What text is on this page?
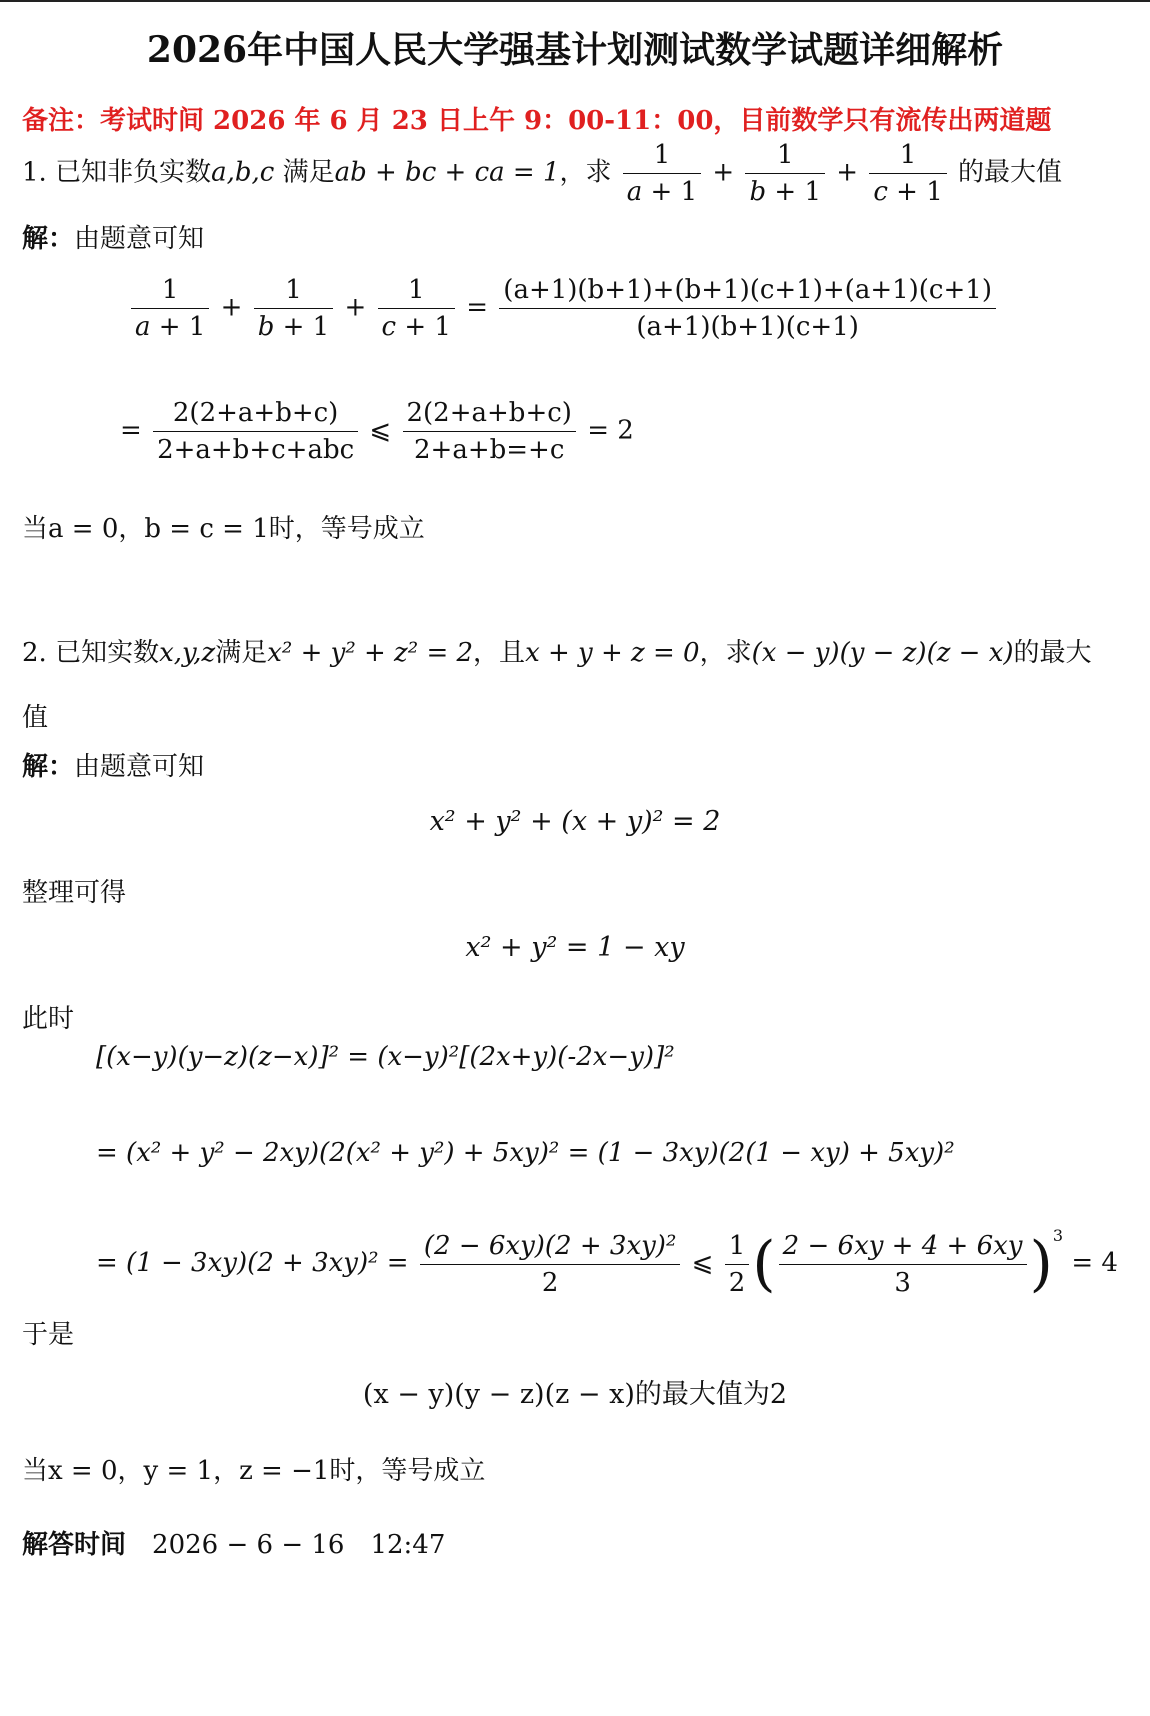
2026年中国人民大学强基计划测试数学试题详细解析
备注：考试时间 2026 年 6 月 23 日上午 9：00-11：00，目前数学只有流传出两道题
1. 已知非负实数a,b,c 满足ab + bc + ca = 1，求 $\frac{1}{a + 1} + \frac{1}{b + 1} + \frac{1}{c + 1}$ 的最大值
解：由题意可知
$\frac{1}{a + 1} + \frac{1}{b + 1} + \frac{1}{c + 1} = \frac{(a+1)(b+1)+(b+1)(c+1)+(a+1)(c+1)}{(a+1)(b+1)(c+1)}$
= $\frac{2(2+a+b+c)}{\text{2+a+b+c+abc}}$ ⩽ $\frac{2(2+a+b+c)}{2+a+b=+c} = 2$
当a = 0，b = c = 1时，等号成立
2. 已知实数x,y,z满足x² + y² + z² = 2，且x + y + z = 0，求(x − y)(y − z)(z − x)的最大
值
解：由题意可知
x² + y² + (x + y)² = 2
整理可得
x² + y² = 1 − xy
此时
[(x−y)(y−z)(z−x)]² = (x−y)²[(2x+y)(-2x−y)]²
= (x² + y² − 2xy)(2(x² + y²) + 5xy)² = (1 − 3xy)(2(1 − xy) + 5xy)²
= $(1 - 3xy)(2 + 3xy)^2 = \frac{\text{(2 − 6xy)(2 + 3xy)²}}{2}$ ⩽ $\frac{1}{2}$ ( $\frac{2 - 6xy + 4 + 6xy}{3} )^3 = 4$
于是
(x − y)(y − z)(z − x)的最大值为2
当x = 0，y = 1，z = −1时，等号成立
解答时间　 2026 − 6 − 16　12:47
